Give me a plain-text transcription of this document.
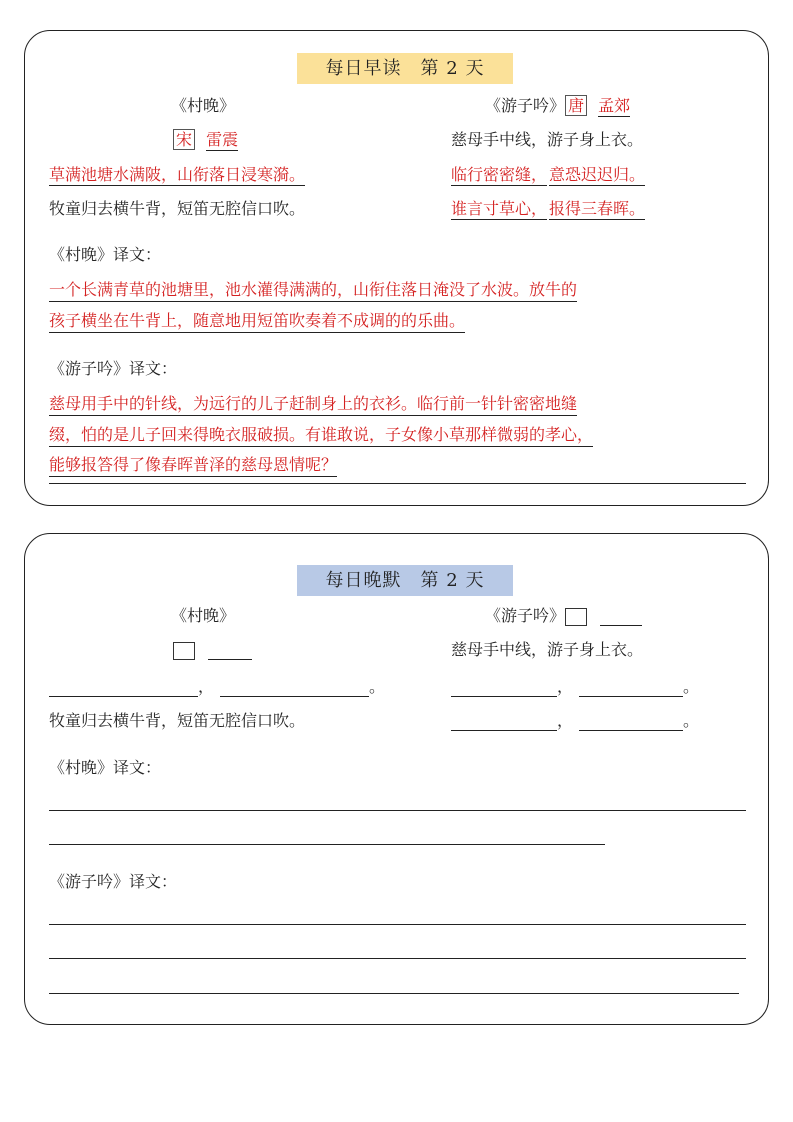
每日早读　第 2 天
《村晚》
宋 雷震
草满池塘水满陂，山衔落日浸寒漪。
牧童归去横牛背，短笛无腔信口吹。
《游子吟》 唐 孟郊
慈母手中线，游子身上衣。
临行密密缝， 意恐迟迟归。
谁言寸草心， 报得三春晖。
《村晚》译文：
一个长满青草的池塘里，池水灌得满满的，山衔住落日淹没了水波。放牛的
孩子横坐在牛背上，随意地用短笛吹奏着不成调的的乐曲。
《游子吟》译文：
慈母用手中的针线，为远行的儿子赶制身上的衣衫。临行前一针针密密地缝
缀，怕的是儿子回来得晚衣服破损。有谁敢说，子女像小草那样微弱的孝心，
能够报答得了像春晖普泽的慈母恩情呢？
每日晚默　第 2 天
《村晚》

，	。
牧童归去横牛背，短笛无腔信口吹。
《游子吟》
慈母手中线，游子身上衣。
，	。
，	。
《村晚》译文：
《游子吟》译文：
